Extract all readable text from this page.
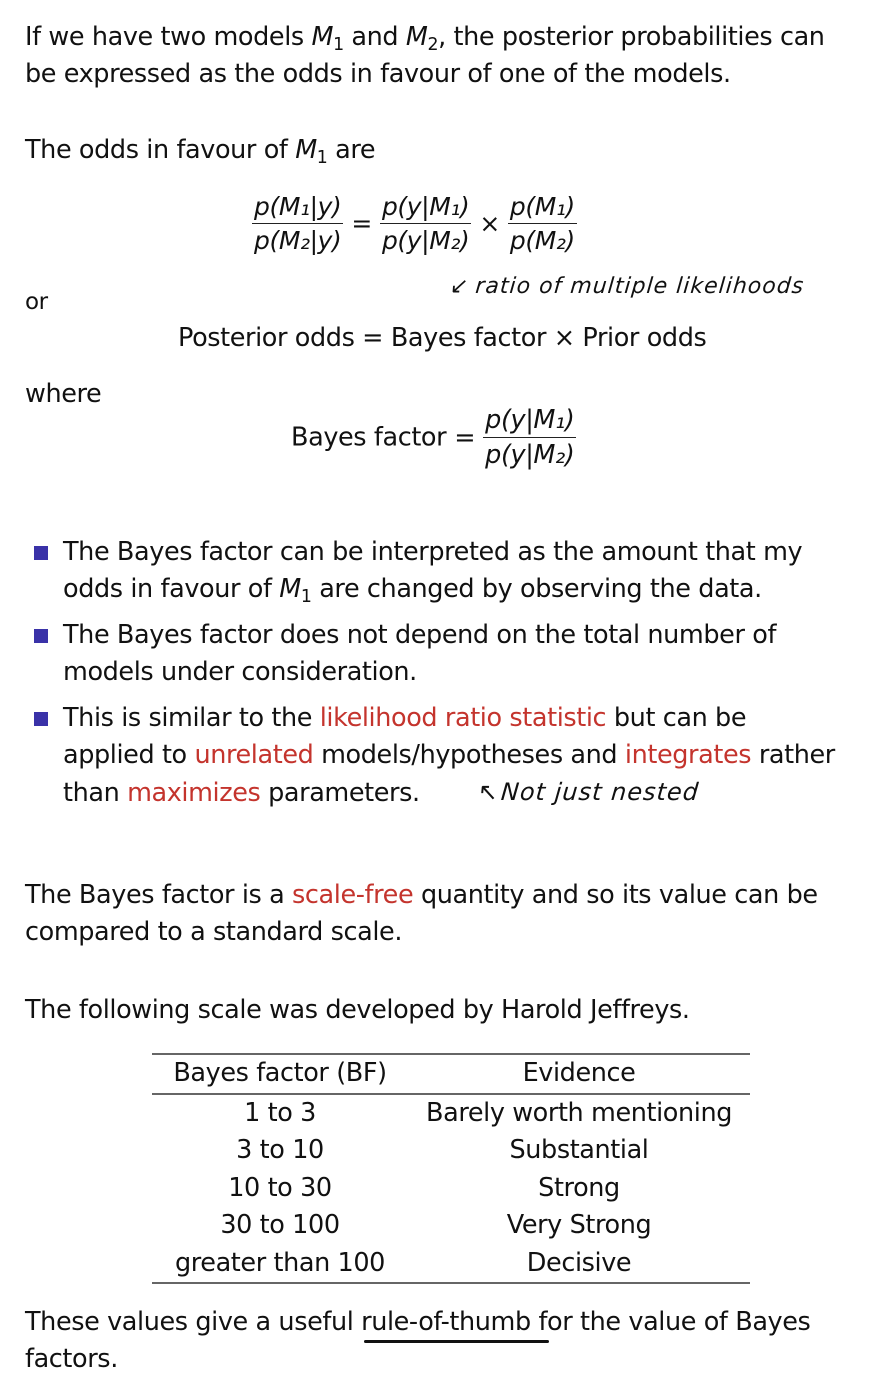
If we have two models $M_1$ and $M_2$, the posterior probabilities can
be expressed as the odds in favour of one of the models.
The odds in favour of $M_1$ are
$\frac{\text{p(M₁|y)}}{\text{p(M₂|y)}} = \frac{\text{p(y|M₁)}}{\text{p(y|M₂)}} \times \frac{\text{p(M₁)}}{\text{p(M₂)}}$
or
↙ ratio of multiple likelihoods
Posterior odds = Bayes factor × Prior odds
where
Bayes factor = $\frac{\text{p(y|M₁)}}{\text{p(y|M₂)}}$
The Bayes factor can be interpreted as the amount that my
odds in favour of $M_1$ are changed by observing the data.
The Bayes factor does not depend on the total number of
models under consideration.
This is similar to the likelihood ratio statistic but can be
applied to unrelated models/hypotheses and integrates rather
than maximizes parameters. ↖Not just nested
The Bayes factor is a scale-free quantity and so its value can be
compared to a standard scale.
The following scale was developed by Harold Jeffreys.
Bayes factor (BF)	Evidence
1 to 3	Barely worth mentioning
3 to 10	Substantial
10 to 30	Strong
30 to 100	Very Strong
greater than 100	Decisive
These values give a useful rule-of-thumb for the value of Bayes
factors.
